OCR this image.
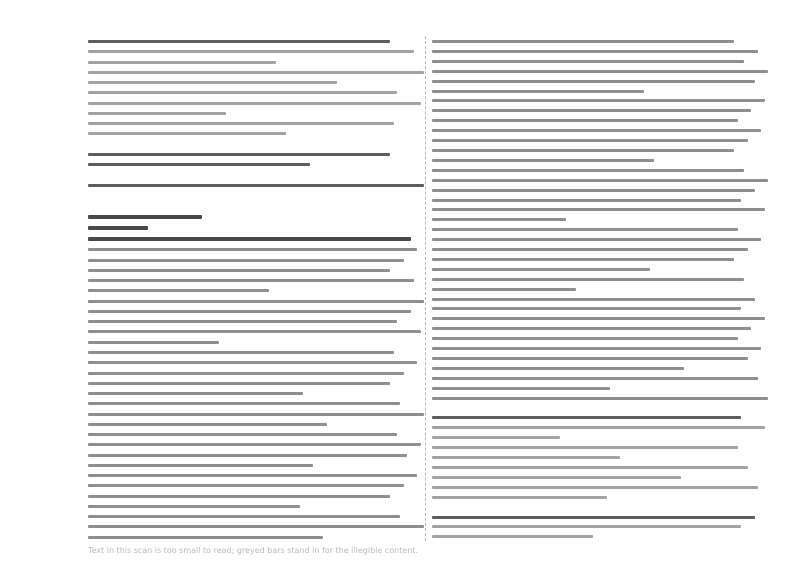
Text in this scan is too small to read; greyed bars stand in for the illegible content.
